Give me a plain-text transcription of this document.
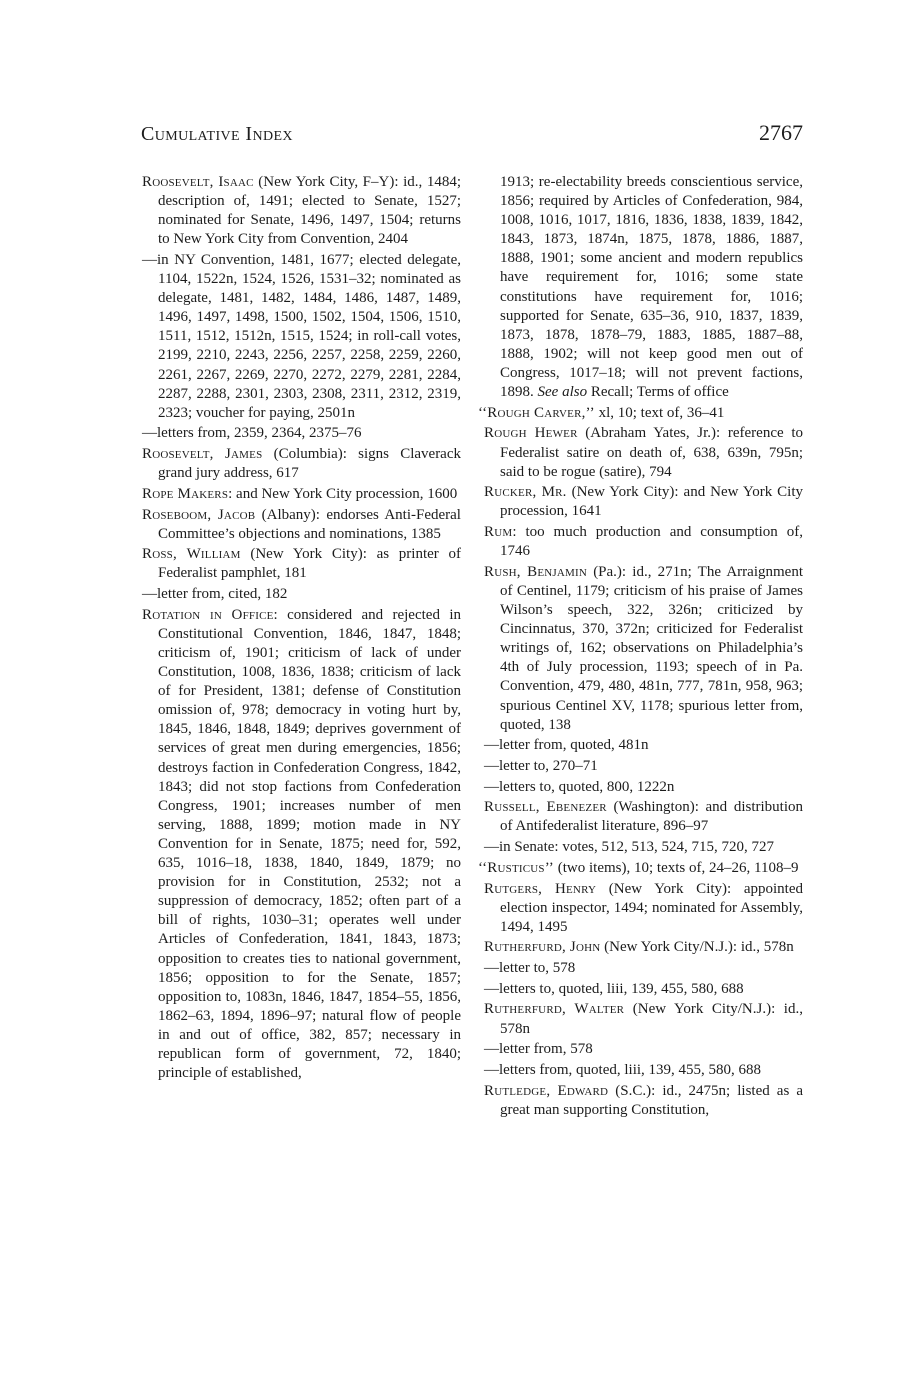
Cumulative Index	2767

Roosevelt, Isaac (New York City, F–Y): id., 1484; description of, 1491; elected to Senate, 1527; nominated for Senate, 1496, 1497, 1504; returns to New York City from Convention, 2404

—in NY Convention, 1481, 1677; elected delegate, 1104, 1522n, 1524, 1526, 1531–32; nominated as delegate, 1481, 1482, 1484, 1486, 1487, 1489, 1496, 1497, 1498, 1500, 1502, 1504, 1506, 1510, 1511, 1512, 1512n, 1515, 1524; in roll-call votes, 2199, 2210, 2243, 2256, 2257, 2258, 2259, 2260, 2261, 2267, 2269, 2270, 2272, 2279, 2281, 2284, 2287, 2288, 2301, 2303, 2308, 2311, 2312, 2319, 2323; voucher for paying, 2501n

—letters from, 2359, 2364, 2375–76

Roosevelt, James (Columbia): signs Claverack grand jury address, 617

Rope Makers: and New York City procession, 1600

Roseboom, Jacob (Albany): endorses Anti-Federal Committee’s objections and nominations, 1385

Ross, William (New York City): as printer of Federalist pamphlet, 181

—letter from, cited, 182

Rotation in Office: considered and rejected in Constitutional Convention, 1846, 1847, 1848; criticism of, 1901; criticism of lack of under Constitution, 1008, 1836, 1838; criticism of lack of for President, 1381; defense of Constitution omission of, 978; democracy in voting hurt by, 1845, 1846, 1848, 1849; deprives government of services of great men during emergencies, 1856; destroys faction in Confederation Congress, 1842, 1843; did not stop factions from Confederation Congress, 1901; increases number of men serving, 1888, 1899; motion made in NY Convention for in Senate, 1875; need for, 592, 635, 1016–18, 1838, 1840, 1849, 1879; no provision for in Constitution, 2532; not a suppression of democracy, 1852; often part of a bill of rights, 1030–31; operates well under Articles of Confederation, 1841, 1843, 1873; opposition to creates ties to national government, 1856; opposition to for the Senate, 1857; opposition to, 1083n, 1846, 1847, 1854–55, 1856, 1862–63, 1894, 1896–97; natural flow of people in and out of office, 382, 857; necessary in republican form of government, 72, 1840; principle of established,

1913; re-electability breeds conscientious service, 1856; required by Articles of Confederation, 984, 1008, 1016, 1017, 1816, 1836, 1838, 1839, 1842, 1843, 1873, 1874n, 1875, 1878, 1886, 1887, 1888, 1901; some ancient and modern republics have requirement for, 1016; some state constitutions have requirement for, 1016; supported for Senate, 635–36, 910, 1837, 1839, 1873, 1878, 1878–79, 1883, 1885, 1887–88, 1888, 1902; will not keep good men out of Congress, 1017–18; will not prevent factions, 1898. See also Recall; Terms of office

‘‘Rough Carver,’’ xl, 10; text of, 36–41

Rough Hewer (Abraham Yates, Jr.): reference to Federalist satire on death of, 638, 639n, 795n; said to be rogue (satire), 794

Rucker, Mr. (New York City): and New York City procession, 1641

Rum: too much production and consumption of, 1746

Rush, Benjamin (Pa.): id., 271n; The Arraignment of Centinel, 1179; criticism of his praise of James Wilson’s speech, 322, 326n; criticized by Cincinnatus, 370, 372n; criticized for Federalist writings of, 162; observations on Philadelphia’s 4th of July procession, 1193; speech of in Pa. Convention, 479, 480, 481n, 777, 781n, 958, 963; spurious Centinel XV, 1178; spurious letter from, quoted, 138

—letter from, quoted, 481n

—letter to, 270–71

—letters to, quoted, 800, 1222n

Russell, Ebenezer (Washington): and distribution of Antifederalist literature, 896–97

—in Senate: votes, 512, 513, 524, 715, 720, 727

‘‘Rusticus’’ (two items), 10; texts of, 24–26, 1108–9

Rutgers, Henry (New York City): appointed election inspector, 1494; nominated for Assembly, 1494, 1495

Rutherfurd, John (New York City/N.J.): id., 578n

—letter to, 578

—letters to, quoted, liii, 139, 455, 580, 688

Rutherfurd, Walter (New York City/N.J.): id., 578n

—letter from, 578

—letters from, quoted, liii, 139, 455, 580, 688

Rutledge, Edward (S.C.): id., 2475n; listed as a great man supporting Constitution,
